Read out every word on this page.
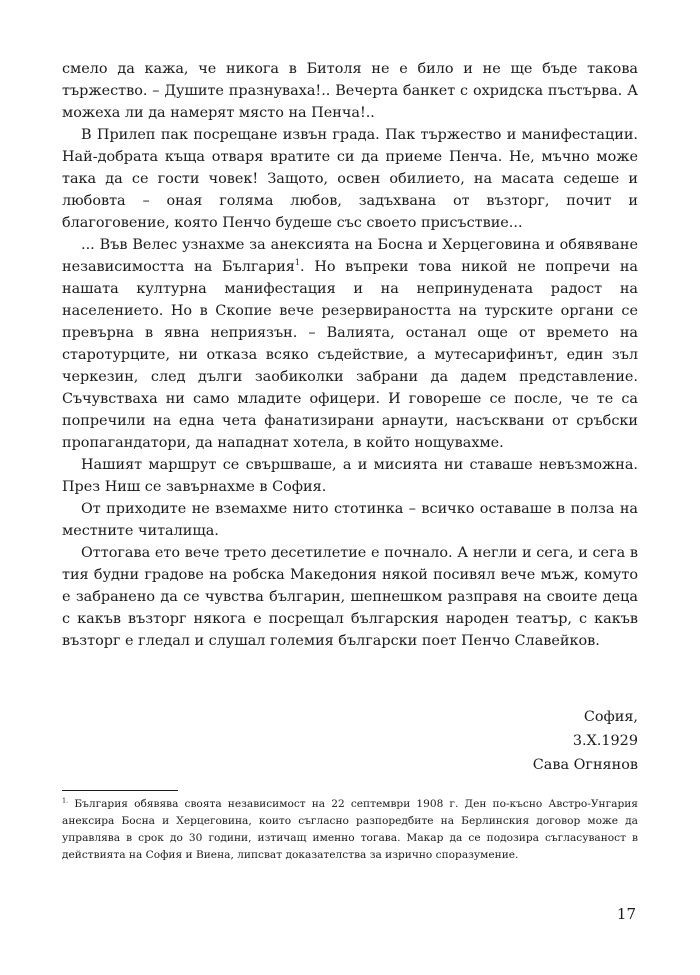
смело да кажа, че никога в Битоля не е било и не ще бъде такова тържество. – Душите празнуваха!.. Вечерта банкет с охридска пъстърва. А можеха ли да намерят място на Пенча!..

В Прилеп пак посрещане извън града. Пак тържество и манифестации. Най-добрата къща отваря вратите си да приеме Пенча. Не, мъчно може така да се гости човек! Защото, освен обилието, на масата седеше и любовта – оная голяма любов, задъхвана от възторг, почит и благоговение, която Пенчо будеше със своето присъствие...

... Във Велес узнахме за анексията на Босна и Херцеговина и обявяване независимостта на България$^1$. Но въпреки това никой не попречи на нашата културна манифестация и на непринудената радост на населението. Но в Скопие вече резервираността на турските органи се превърна в явна неприязън. – Валията, останал още от времето на старотурците, ни отказа всяко съдействие, а мутесарифинът, един зъл черкезин, след дълги заобиколки забрани да дадем представление. Съчувстваха ни само младите офицери. И говореше се после, че те са попречили на една чета фанатизирани арнаути, насъсквани от сръбски пропагандатори, да нападнат хотела, в който нощувахме.

Нашият маршрут се свършваше, а и мисията ни ставаше невъзможна. През Ниш се завърнахме в София.

От приходите не вземахме нито стотинка – всичко оставаше в полза на местните читалища.

Оттогава ето вече трето десетилетие е почнало. А негли и сега, и сега в тия будни градове на робска Македония някой посивял вече мъж, комуто е забранено да се чувства българин, шепнешком разправя на своите деца с какъв възторг някога е посрещал българския народен театър, с какъв възторг е гледал и слушал големия български поет Пенчо Славейков.

София,
3.Х.1929
Сава Огнянов
$^{1.}$ България обявява своята независимост на 22 септември 1908 г. Ден по-късно Австро-Унгария анексира Босна и Херцеговина, които съгласно разпоредбите на Берлинския договор може да управлява в срок до 30 години, изтичащ именно тогава. Макар да се подозира съгласуваност в действията на София и Виена, липсват доказателства за изрично споразумение.
17
